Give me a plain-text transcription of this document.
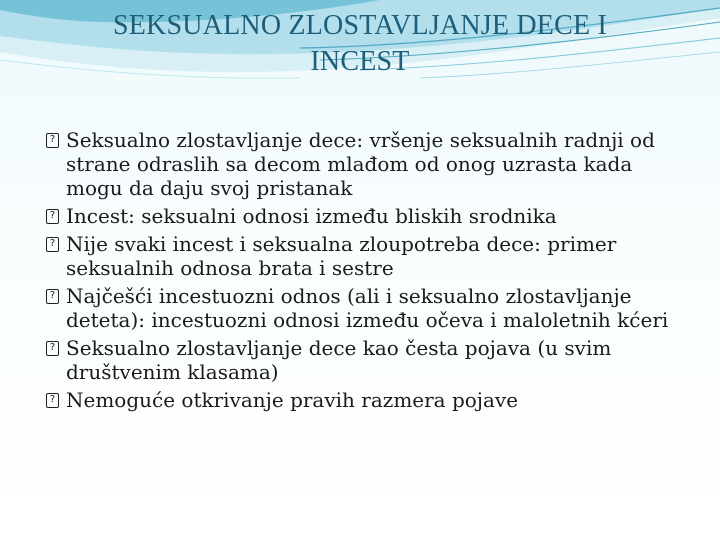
SEKSUALNO ZLOSTAVLJANJE DECE I INCEST
? Seksualno zlostavljanje dece: vršenje seksualnih radnji od strane odraslih sa decom mlađom od onog uzrasta kada mogu da daju svoj pristanak
? Incest: seksualni odnosi između bliskih srodnika
? Nije svaki incest i seksualna zloupotreba dece: primer seksualnih odnosa brata i sestre
? Najčešći incestuozni odnos (ali i seksualno zlostavljanje deteta): incestuozni odnosi između očeva i maloletnih kćeri
? Seksualno zlostavljanje dece kao česta pojava (u svim društvenim klasama)
? Nemoguće otkrivanje pravih razmera pojave
